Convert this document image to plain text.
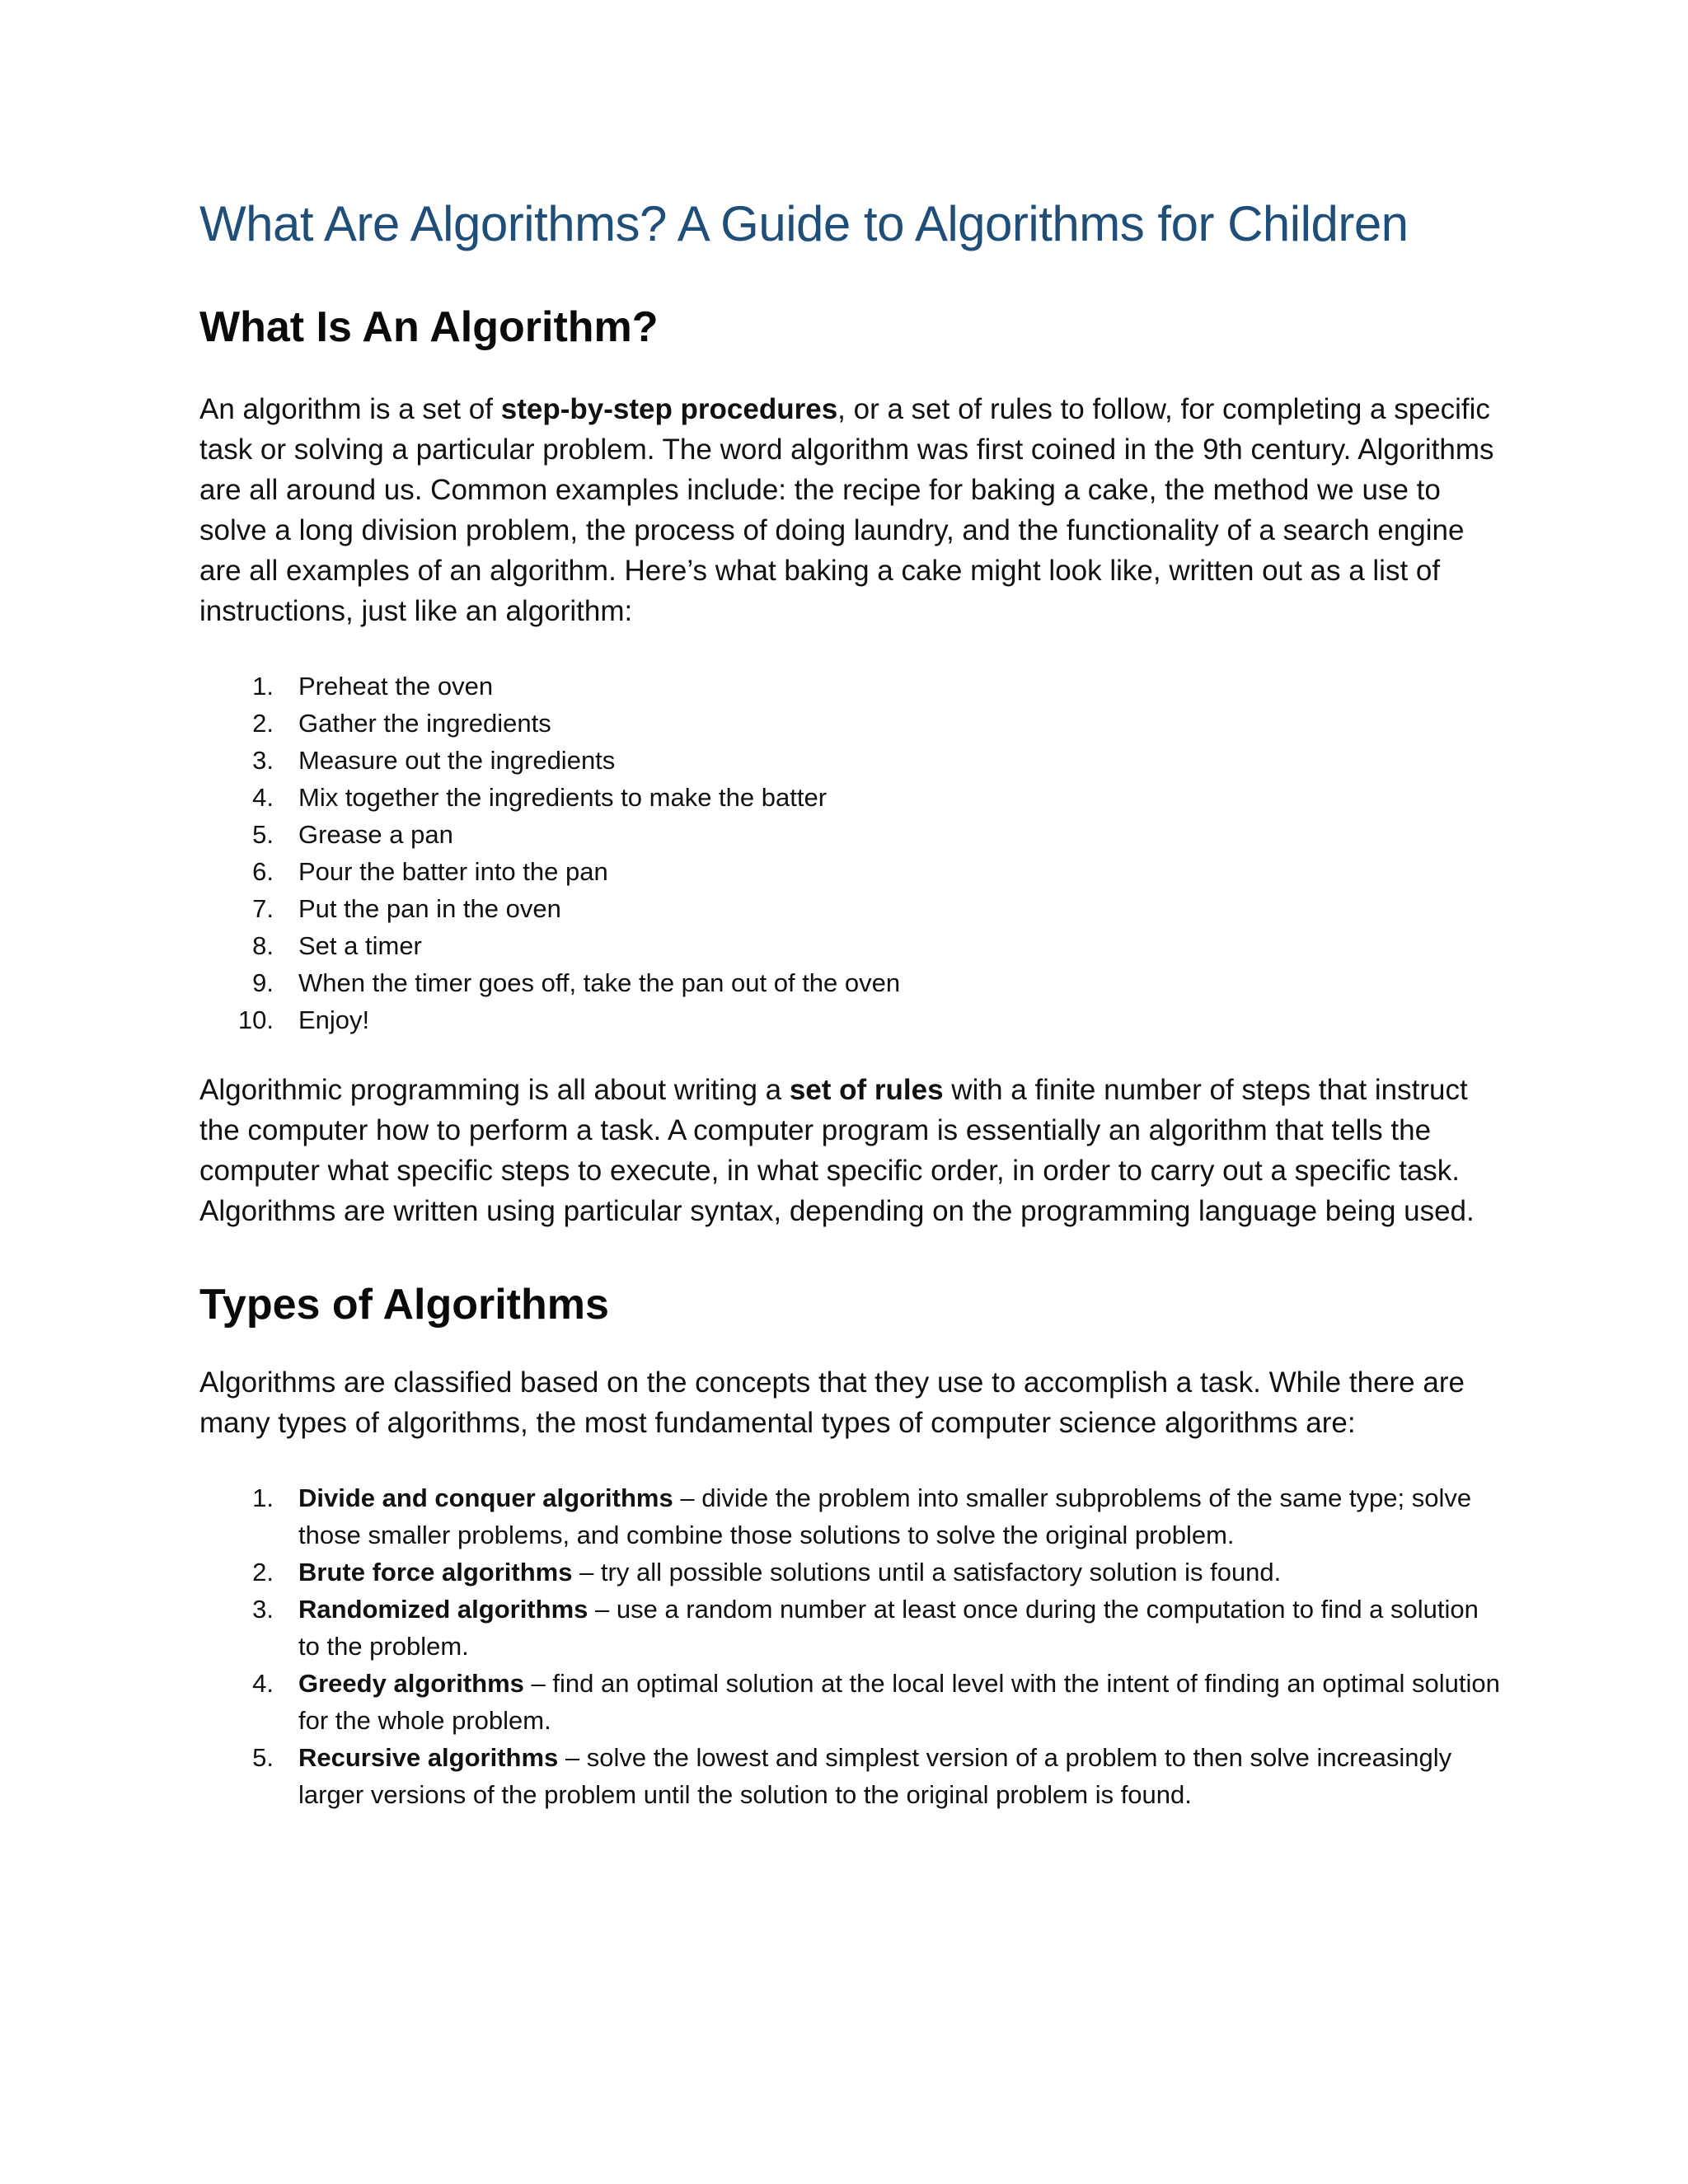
What Are Algorithms? A Guide to Algorithms for Children
What Is An Algorithm?

An algorithm is a set of step-by-step procedures, or a set of rules to follow, for completing a specific task or solving a particular problem. The word algorithm was first coined in the 9th century. Algorithms are all around us. Common examples include: the recipe for baking a cake, the method we use to solve a long division problem, the process of doing laundry, and the functionality of a search engine are all examples of an algorithm. Here’s what baking a cake might look like, written out as a list of instructions, just like an algorithm:

1. Preheat the oven
2. Gather the ingredients
3. Measure out the ingredients
4. Mix together the ingredients to make the batter
5. Grease a pan
6. Pour the batter into the pan
7. Put the pan in the oven
8. Set a timer
9. When the timer goes off, take the pan out of the oven
10. Enjoy!

Algorithmic programming is all about writing a set of rules with a finite number of steps that instruct the computer how to perform a task. A computer program is essentially an algorithm that tells the computer what specific steps to execute, in what specific order, in order to carry out a specific task. Algorithms are written using particular syntax, depending on the programming language being used.

Types of Algorithms

Algorithms are classified based on the concepts that they use to accomplish a task. While there are many types of algorithms, the most fundamental types of computer science algorithms are:

1. Divide and conquer algorithms – divide the problem into smaller subproblems of the same type; solve those smaller problems, and combine those solutions to solve the original problem.
2. Brute force algorithms – try all possible solutions until a satisfactory solution is found.
3. Randomized algorithms – use a random number at least once during the computation to find a solution to the problem.
4. Greedy algorithms – find an optimal solution at the local level with the intent of finding an optimal solution for the whole problem.
5. Recursive algorithms – solve the lowest and simplest version of a problem to then solve increasingly larger versions of the problem until the solution to the original problem is found.
